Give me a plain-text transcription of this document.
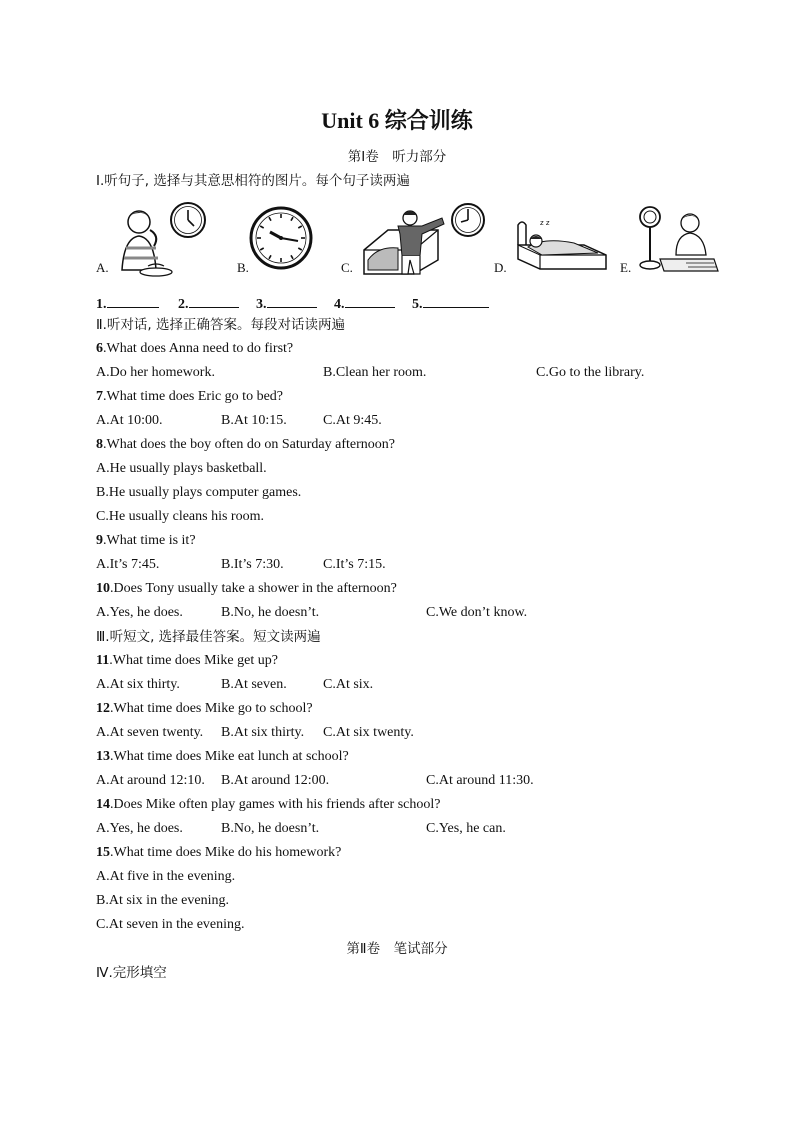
Unit 6 综合训练
第Ⅰ卷　听力部分
Ⅰ.听句子, 选择与其意思相符的图片。每个句子读两遍
A.	B.	C.	D.
z z
E.
1.	2.	3.	4.	5.
Ⅱ.听对话, 选择正确答案。每段对话读两遍
6.What does Anna need to do first?
A.Do her homework.	B.Clean her room.	C.Go to the library.
7.What time does Eric go to bed?
A.At 10:00.	B.At 10:15.	C.At 9:45.
8.What does the boy often do on Saturday afternoon?
A.He usually plays basketball.
B.He usually plays computer games.
C.He usually cleans his room.
9.What time is it?
A.It’s 7:45.	B.It’s 7:30.	C.It’s 7:15.
10.Does Tony usually take a shower in the afternoon?
A.Yes, he does.	B.No, he doesn’t.	C.We don’t know.
Ⅲ.听短文, 选择最佳答案。短文读两遍
11.What time does Mike get up?
A.At six thirty.	B.At seven.	C.At six.
12.What time does Mike go to school?
A.At seven twenty. B.At six thirty. C.At six twenty.
13.What time does Mike eat lunch at school?
A.At around 12:10. B.At around 12:00.	C.At around 11:30.
14.Does Mike often play games with his friends after school?
A.Yes, he does.	B.No, he doesn’t.	C.Yes, he can.
15.What time does Mike do his homework?
A.At five in the evening.
B.At six in the evening.
C.At seven in the evening.
第Ⅱ卷　笔试部分
Ⅳ.完形填空
